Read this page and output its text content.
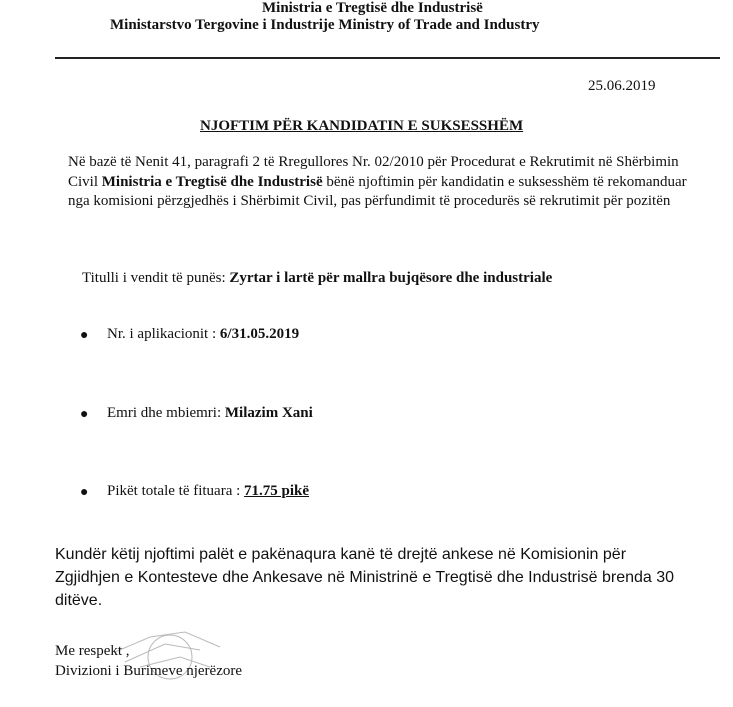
Ministria e Tregtisë dhe Industrisë
Ministarstvo Tergovine i Industrije Ministry of Trade and Industry
25.06.2019
NJOFTIM PËR KANDIDATIN E SUKSESSHËM
Në bazë të Nenit 41, paragrafi 2 të Rregullores Nr. 02/2010 për Procedurat e Rekrutimit në Shërbimin Civil Ministria e Tregtisë dhe Industrisë bënë njoftimin për kandidatin e suksesshëm të rekomanduar nga komisioni përzgjedhës i Shërbimit Civil, pas përfundimit të procedurës së rekrutimit për pozitën
Titulli i vendit të punës: Zyrtar i lartë për mallra bujqësore dhe industriale
● Nr. i aplikacionit : 6/31.05.2019
● Emri dhe mbiemri: Milazim Xani
● Pikët totale të fituara : 71.75 pikë
Kundër këtij njoftimi palët e pakënaqura kanë të drejtë ankese në Komisionin për Zgjidhjen e Kontesteve dhe Ankesave në Ministrinë e Tregtisë dhe Industrisë brenda 30 ditëve.
Me respekt ,
Divizioni i Burimeve njerëzore
